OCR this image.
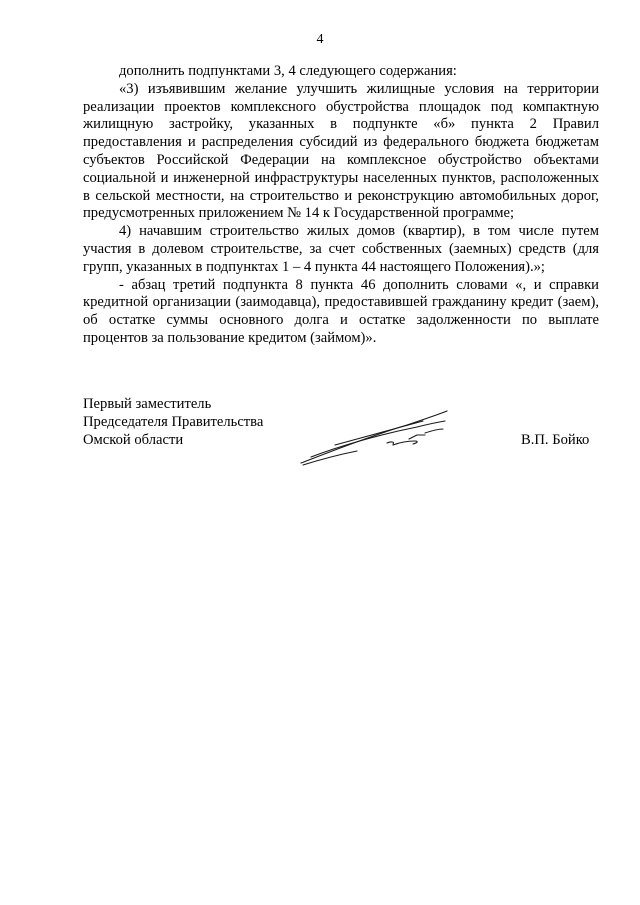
4

дополнить подпунктами 3, 4 следующего содержания:

«3) изъявившим желание улучшить жилищные условия на территории реализации проектов комплексного обустройства площадок под компактную жилищную застройку, указанных в подпункте «б» пункта 2 Правил предоставления и распределения субсидий из федерального бюджета бюджетам субъектов Российской Федерации на комплексное обустройство объектами социальной и инженерной инфраструктуры населенных пунктов, расположенных в сельской местности, на строительство и реконструкцию автомобильных дорог, предусмотренных приложением № 14 к Государственной программе;

4) начавшим строительство жилых домов (квартир), в том числе путем участия в долевом строительстве, за счет собственных (заемных) средств (для групп, указанных в подпунктах 1 – 4 пункта 44 настоящего Положения).»;

- абзац третий подпункта 8 пункта 46 дополнить словами «, и справки кредитной организации (заимодавца), предоставившей гражданину кредит (заем), об остатке суммы основного долга и остатке задолженности по выплате процентов за пользование кредитом (займом)».

Первый заместитель
Председателя Правительства
Омской области	В.П. Бойко
